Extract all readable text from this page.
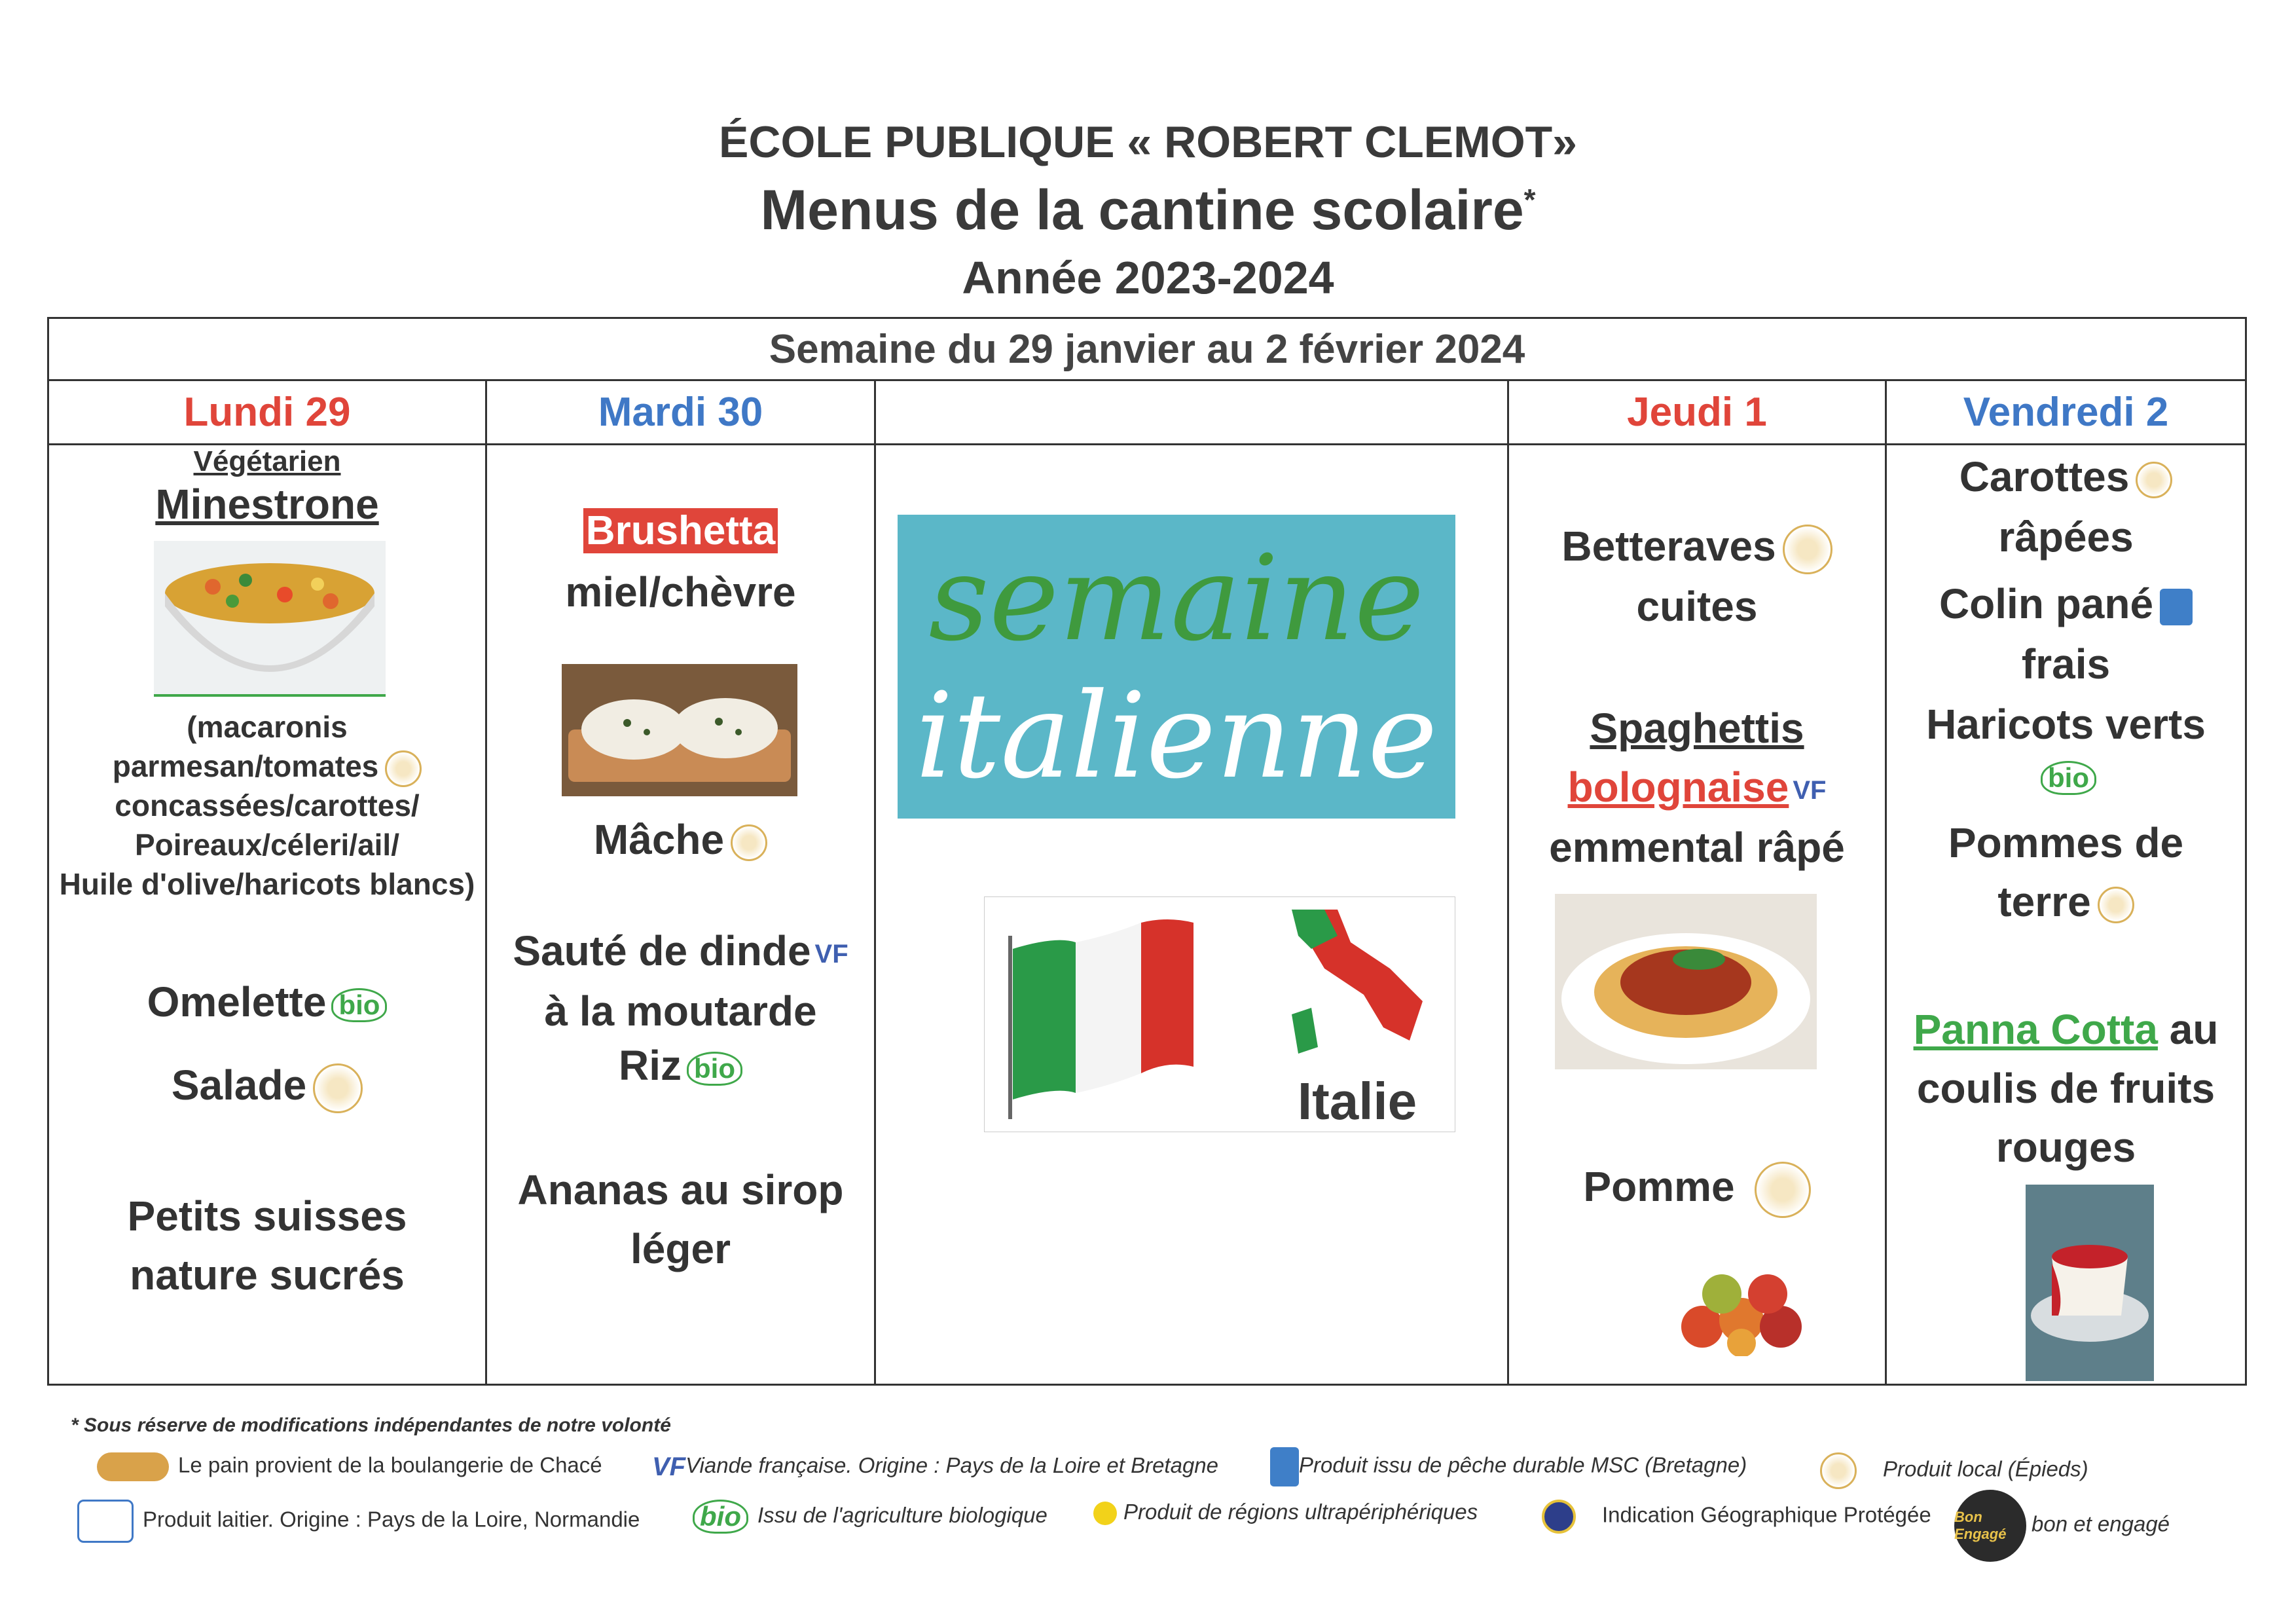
ÉCOLE PUBLIQUE « ROBERT CLEMOT»
Menus de la cantine scolaire*
Année 2023-2024
Semaine du 29 janvier au 2 février 2024
Lundi 29
Végétarien
Minestrone
(macaronis
parmesan/tomates
concassées/carottes/
Poireaux/céleri/ail/
Huile d'olive/haricots blancs)
Omelette bio
Salade
Petits suisses
nature sucrés
Mardi 30
Brushetta
miel/chèvre
Mâche
Sauté de dinde VF
à la moutarde
Riz bio
Ananas au sirop
léger
semaine
italienne
Italie
Jeudi 1
Betteraves
cuites
Spaghettis
bolognaise VF
emmental râpé
Pomme
Vendredi 2
Carottes
râpées
Colin pané
frais
Haricots verts
bio
Pommes de
terre
Panna Cotta au
coulis de fruits
rouges
* Sous réserve de modifications indépendantes de notre volonté
Le pain provient de la boulangerie de Chacé VFViande française. Origine : Pays de la Loire et Bretagne	Produit issu de pêche durable MSC (Bretagne)	Produit local (Épieds)
Produit laitier. Origine : Pays de la Loire, Normandie	bio Issu de l'agriculture biologique	Produit de régions ultrapériphériques	Indication Géographique Protégée Bon Engagé bon et engagé
